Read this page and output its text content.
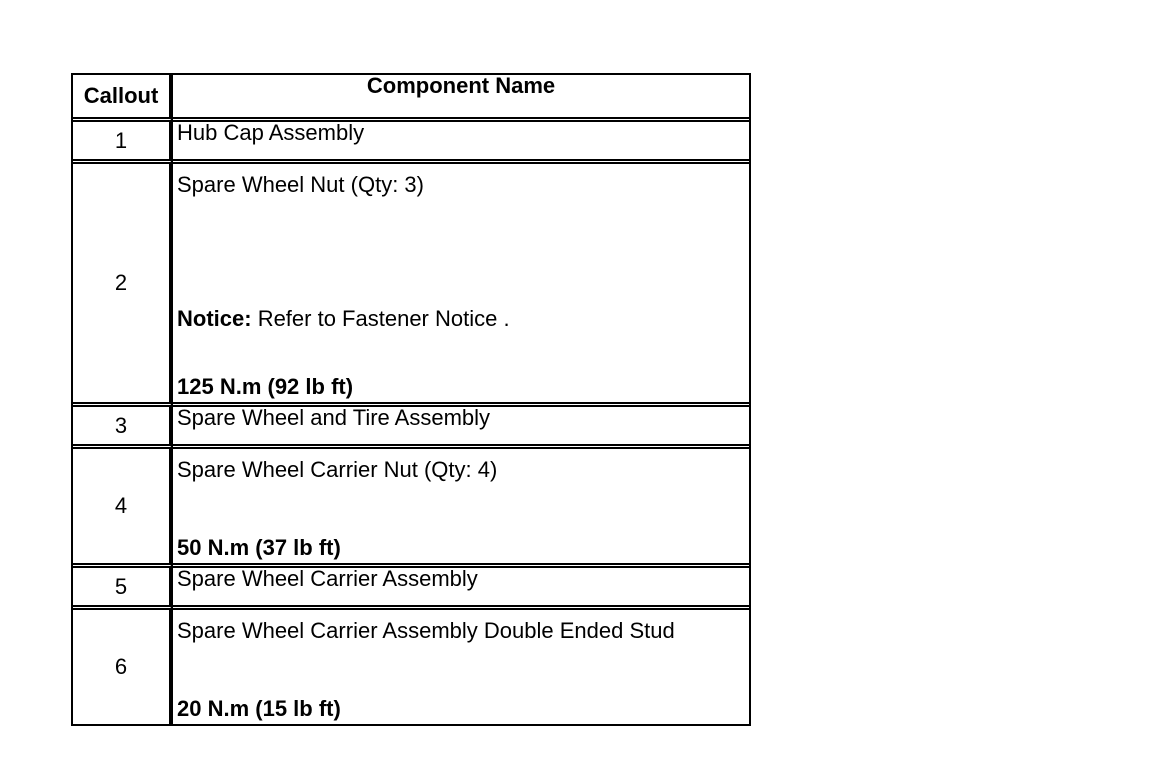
Callout	Component Name
1	Hub Cap Assembly
2	Spare Wheel Nut (Qty: 3)
Notice: Refer to Fastener Notice .
125 N.m (92 lb ft)

3	Spare Wheel and Tire Assembly
4	Spare Wheel Carrier Nut (Qty: 4)
50 N.m (37 lb ft)

5	Spare Wheel Carrier Assembly
6	Spare Wheel Carrier Assembly Double Ended Stud
20 N.m (15 lb ft)
